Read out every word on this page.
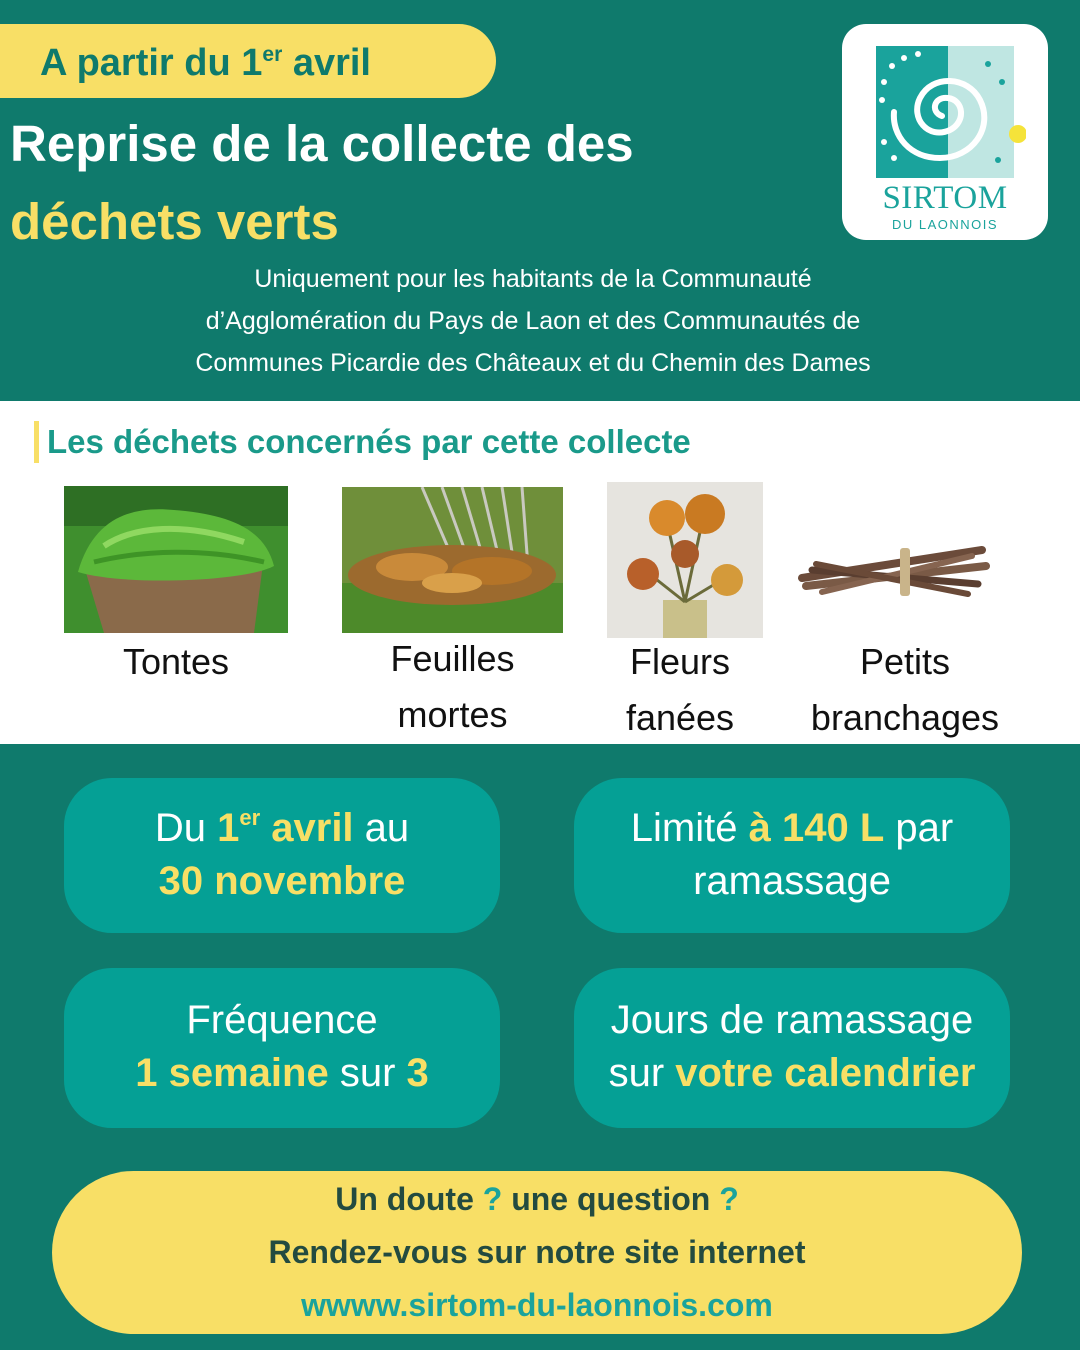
A partir du 1er avril
Reprise de la collecte des
déchets verts
Uniquement pour les habitants de la Communauté
d’Agglomération du Pays de Laon et des Communautés de
Communes Picardie des Châteaux et du Chemin des Dames
SIRTOM
DU LAONNOIS
Les déchets concernés par cette collecte
Tontes	Feuilles
mortes
Fleurs
fanées
Petits
branchages
Du 1er avril au
30 novembre
Limité à 140 L par
ramassage
Fréquence
1 semaine sur 3
Jours de ramassage
sur votre calendrier
Un doute ? une question ?
Rendez-vous sur notre site internet
wwww.sirtom-du-laonnois.com
